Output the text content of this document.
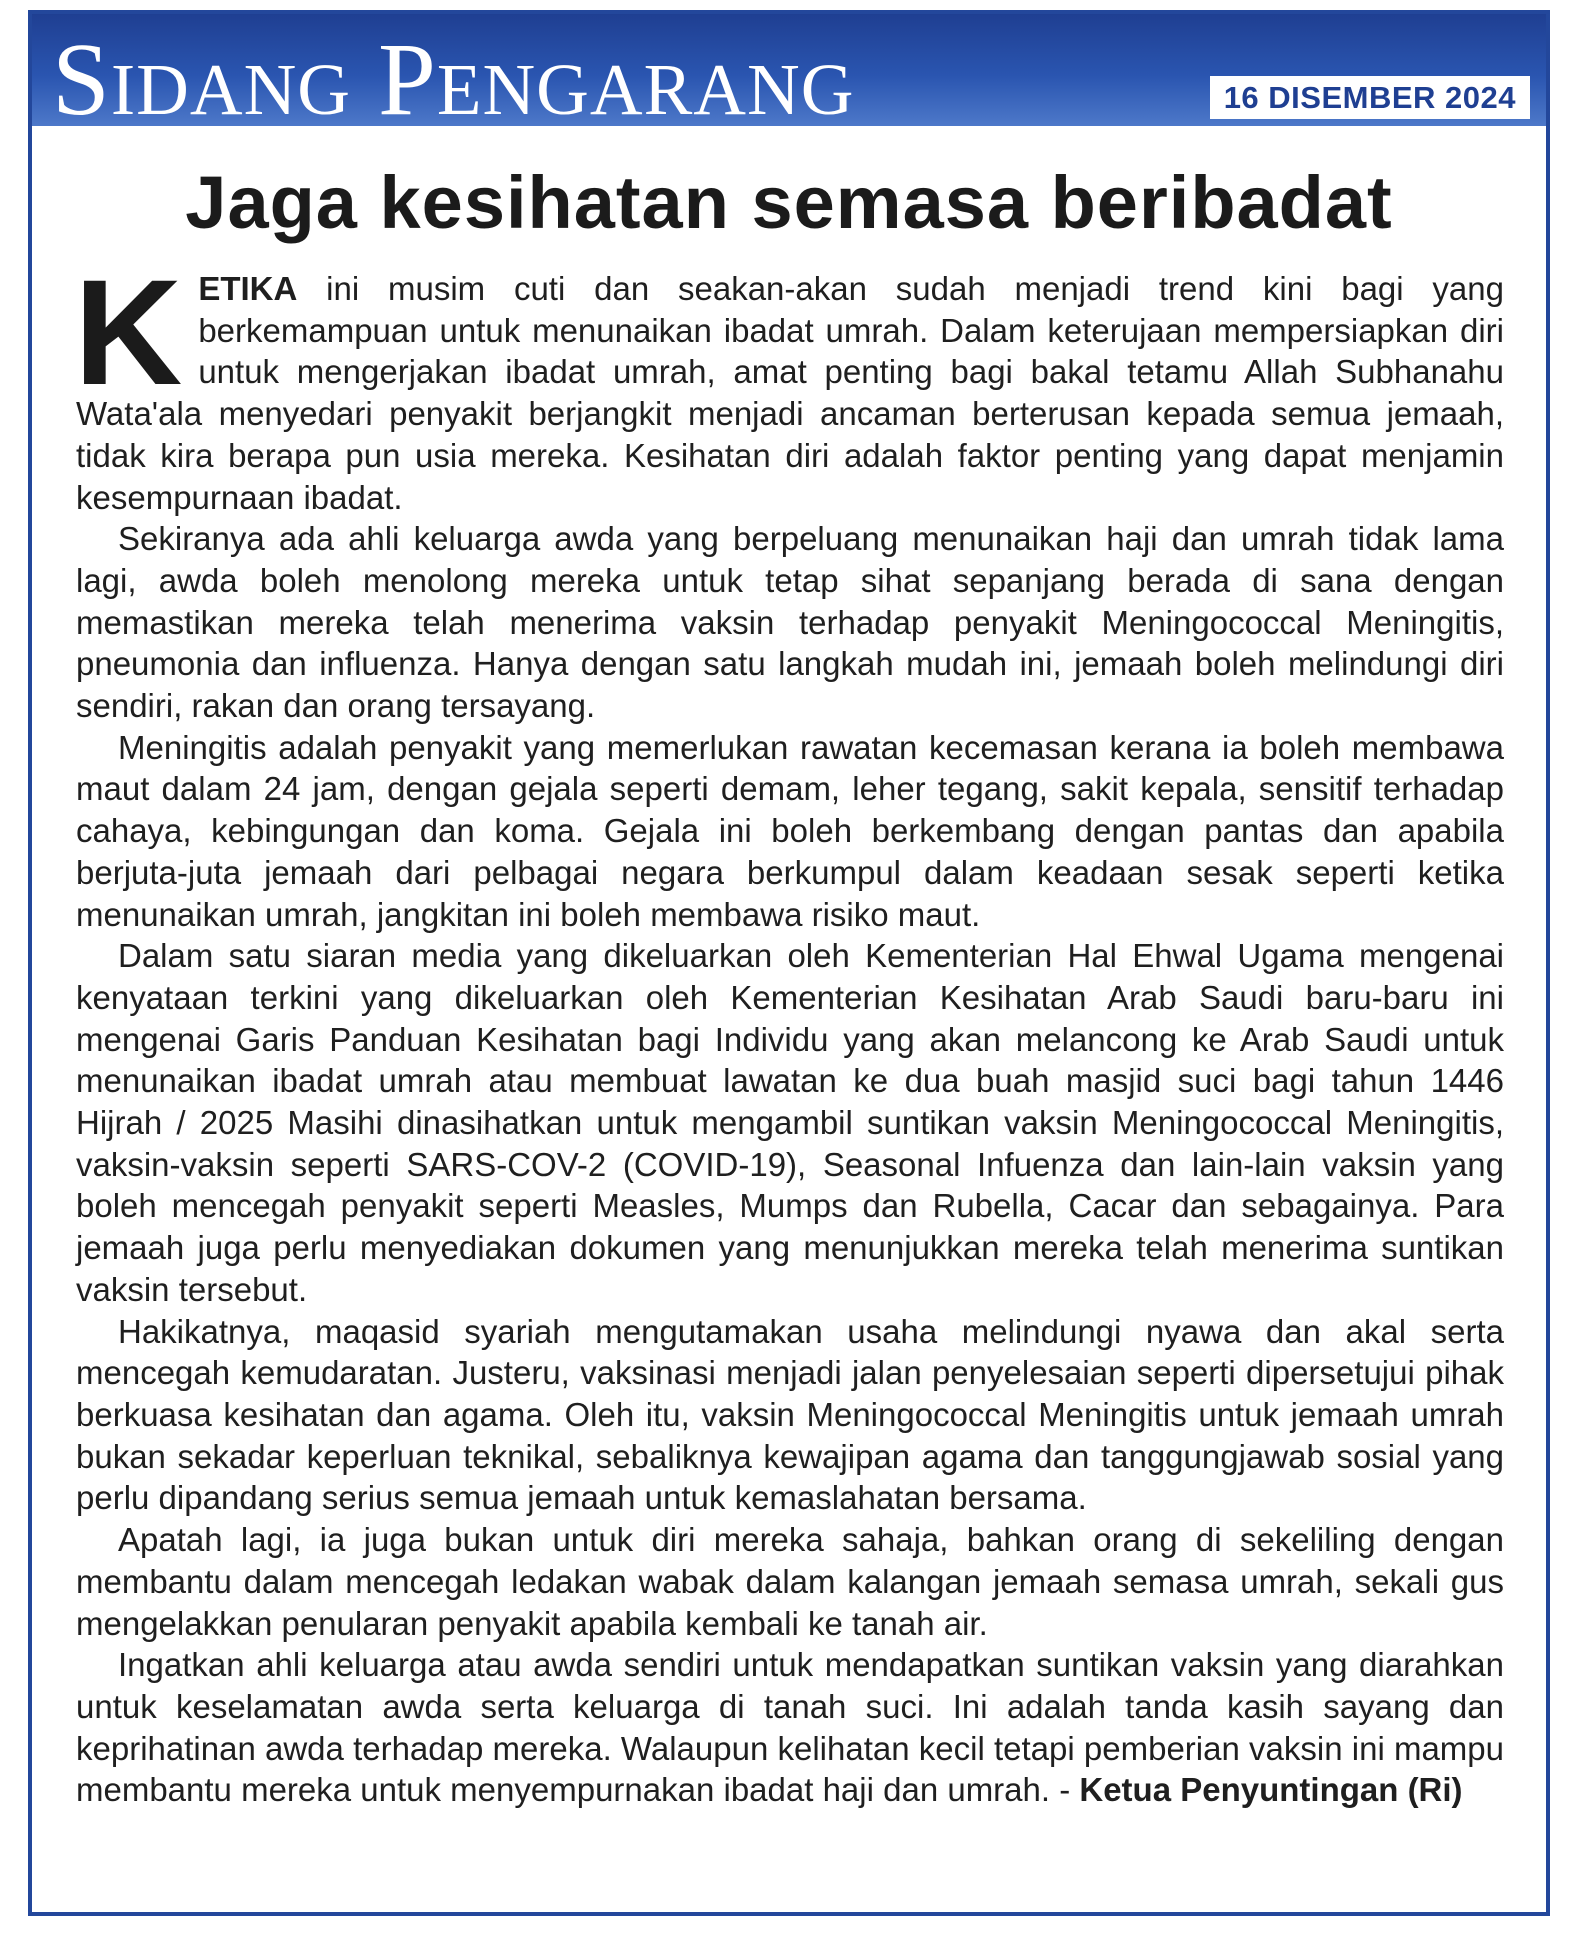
Sidang Pengarang	16 DISEMBER 2024
Jaga kesihatan semasa beribadat

KETIKA ini musim cuti dan seakan-akan sudah menjadi trend kini bagi yang berkemampuan untuk menunaikan ibadat umrah. Dalam keterujaan mempersiapkan diri untuk mengerjakan ibadat umrah, amat penting bagi bakal tetamu Allah Subhanahu Wata'ala menyedari penyakit berjangkit menjadi ancaman berterusan kepada semua jemaah, tidak kira berapa pun usia mereka. Kesihatan diri adalah faktor penting yang dapat menjamin kesempurnaan ibadat.

Sekiranya ada ahli keluarga awda yang berpeluang menunaikan haji dan umrah tidak lama lagi, awda boleh menolong mereka untuk tetap sihat sepanjang berada di sana dengan memastikan mereka telah menerima vaksin terhadap penyakit Meningococcal Meningitis, pneumonia dan influenza. Hanya dengan satu langkah mudah ini, jemaah boleh melindungi diri sendiri, rakan dan orang tersayang.

Meningitis adalah penyakit yang memerlukan rawatan kecemasan kerana ia boleh membawa maut dalam 24 jam, dengan gejala seperti demam, leher tegang, sakit kepala, sensitif terhadap cahaya, kebingungan dan koma. Gejala ini boleh berkembang dengan pantas dan apabila berjuta-juta jemaah dari pelbagai negara berkumpul dalam keadaan sesak seperti ketika menunaikan umrah, jangkitan ini boleh membawa risiko maut.

Dalam satu siaran media yang dikeluarkan oleh Kementerian Hal Ehwal Ugama mengenai kenyataan terkini yang dikeluarkan oleh Kementerian Kesihatan Arab Saudi baru-baru ini mengenai Garis Panduan Kesihatan bagi Individu yang akan melancong ke Arab Saudi untuk menunaikan ibadat umrah atau membuat lawatan ke dua buah masjid suci bagi tahun 1446 Hijrah / 2025 Masihi dinasihatkan untuk mengambil suntikan vaksin Meningococcal Meningitis, vaksin-vaksin seperti SARS-COV-2 (COVID-19), Seasonal Infuenza dan lain-lain vaksin yang boleh mencegah penyakit seperti Measles, Mumps dan Rubella, Cacar dan sebagainya. Para jemaah juga perlu menyediakan dokumen yang menunjukkan mereka telah menerima suntikan vaksin tersebut.

Hakikatnya, maqasid syariah mengutamakan usaha melindungi nyawa dan akal serta mencegah kemudaratan. Justeru, vaksinasi menjadi jalan penyelesaian seperti dipersetujui pihak berkuasa kesihatan dan agama. Oleh itu, vaksin Meningococcal Meningitis untuk jemaah umrah bukan sekadar keperluan teknikal, sebaliknya kewajipan agama dan tanggungjawab sosial yang perlu dipandang serius semua jemaah untuk kemaslahatan bersama.

Apatah lagi, ia juga bukan untuk diri mereka sahaja, bahkan orang di sekeliling dengan membantu dalam mencegah ledakan wabak dalam kalangan jemaah semasa umrah, sekali gus mengelakkan penularan penyakit apabila kembali ke tanah air.

Ingatkan ahli keluarga atau awda sendiri untuk mendapatkan suntikan vaksin yang diarahkan untuk keselamatan awda serta keluarga di tanah suci. Ini adalah tanda kasih sayang dan keprihatinan awda terhadap mereka. Walaupun kelihatan kecil tetapi pemberian vaksin ini mampu membantu mereka untuk menyempurnakan ibadat haji dan umrah. - Ketua Penyuntingan (Ri)
